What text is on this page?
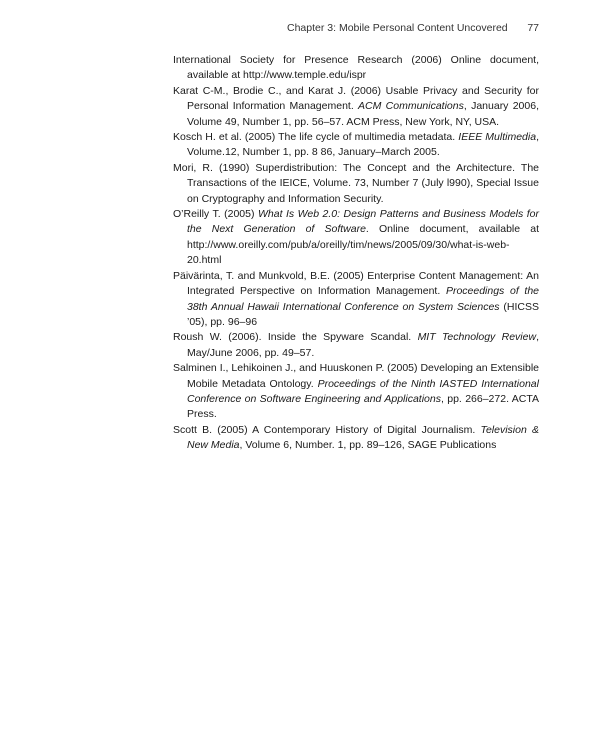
Chapter 3: Mobile Personal Content Uncovered 77

International Society for Presence Research (2006) Online document, available at http://www.temple.edu/ispr

Karat C-M., Brodie C., and Karat J. (2006) Usable Privacy and Security for Personal Information Management. ACM Communications, January 2006, Volume 49, Number 1, pp. 56–57. ACM Press, New York, NY, USA.

Kosch H. et al. (2005) The life cycle of multimedia metadata. IEEE Multimedia, Volume.12, Number 1, pp. 8 86, January–March 2005.

Mori, R. (1990) Superdistribution: The Concept and the Architecture. The Transactions of the IEICE, Volume. 73, Number 7 (July l990), Special Issue on Cryptography and Information Security.

O’Reilly T. (2005) What Is Web 2.0: Design Patterns and Business Models for the Next Generation of Software. Online document, available at http://www.oreilly.com/pub/a/oreilly/tim/news/2005/09/30/what-is-web-20.html

Päivärinta, T. and Munkvold, B.E. (2005) Enterprise Content Management: An Integrated Perspective on Information Management. Proceedings of the 38th Annual Hawaii International Conference on System Sciences (HICSS ’05), pp. 96–96

Roush W. (2006). Inside the Spyware Scandal. MIT Technology Review, May/June 2006, pp. 49–57.

Salminen I., Lehikoinen J., and Huuskonen P. (2005) Developing an Extensible Mobile Metadata Ontology. Proceedings of the Ninth IASTED International Conference on Software Engineering and Applications, pp. 266–272. ACTA Press.

Scott B. (2005) A Contemporary History of Digital Journalism. Television & New Media, Volume 6, Number. 1, pp. 89–126, SAGE Publications
